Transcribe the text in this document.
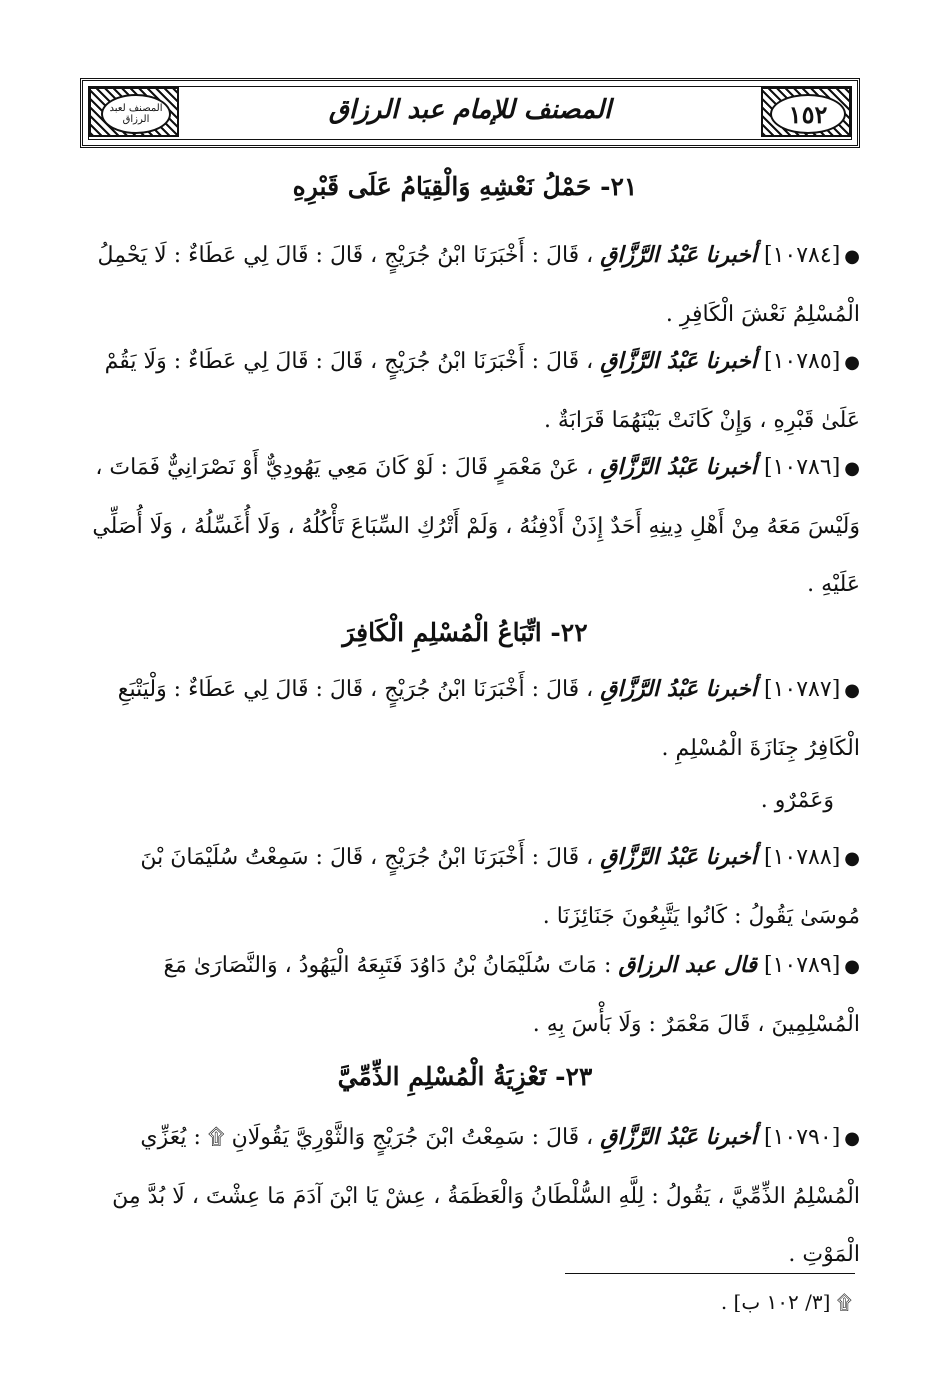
١٥٢
المصنف للإمام عبد الرزاق
المصنف لعبد الرزاق
٢١- حَمْلُ نَعْشِهِ وَالْقِيَامُ عَلَى قَبْرِهِ
●[١٠٧٨٤] أخبرنا عَبْدُ الرَّزَّاقِ ، قَالَ : أَخْبَرَنَا ابْنُ جُرَيْجٍ ، قَالَ : قَالَ لِي عَطَاءٌ : لَا يَحْمِلُ الْمُسْلِمُ نَعْشَ الْكَافِرِ .
●[١٠٧٨٥] أخبرنا عَبْدُ الرَّزَّاقِ ، قَالَ : أَخْبَرَنَا ابْنُ جُرَيْجٍ ، قَالَ : قَالَ لِي عَطَاءٌ : وَلَا يَقُمْ عَلَىٰ قَبْرِهِ ، وَإِنْ كَانَتْ بَيْنَهُمَا قَرَابَةٌ .
●[١٠٧٨٦] أخبرنا عَبْدُ الرَّزَّاقِ ، عَنْ مَعْمَرٍ قَالَ : لَوْ كَانَ مَعِي يَهُودِيٌّ أَوْ نَصْرَانِيٌّ فَمَاتَ ، وَلَيْسَ مَعَهُ مِنْ أَهْلِ دِينِهِ أَحَدٌ إِذَنْ أَدْفِنُهُ ، وَلَمْ أَتْرُكِ السِّبَاعَ تَأْكُلُهُ ، وَلَا أُغَسِّلُهُ ، وَلَا أُصَلِّي عَلَيْهِ .
٢٢- اتِّبَاعُ الْمُسْلِمِ الْكَافِرَ
●[١٠٧٨٧] أخبرنا عَبْدُ الرَّزَّاقِ ، قَالَ : أَخْبَرَنَا ابْنُ جُرَيْجٍ ، قَالَ : قَالَ لِي عَطَاءٌ : وَلْيَتْبَعِ الْكَافِرُ جِنَازَةَ الْمُسْلِمِ .
وَعَمْرٌو .
●[١٠٧٨٨] أخبرنا عَبْدُ الرَّزَّاقِ ، قَالَ : أَخْبَرَنَا ابْنُ جُرَيْجٍ ، قَالَ : سَمِعْتُ سُلَيْمَانَ بْنَ مُوسَىٰ يَقُولُ : كَانُوا يَتَّبِعُونَ جَنَائِزَنَا .
●[١٠٧٨٩] قال عبد الرزاق : مَاتَ سُلَيْمَانُ بْنُ دَاوُدَ فَتَبِعَهُ الْيَهُودُ ، وَالنَّصَارَىٰ مَعَ الْمُسْلِمِينَ ، قَالَ مَعْمَرٌ : وَلَا بَأْسَ بِهِ .
٢٣- تَعْزِيَةُ الْمُسْلِمِ الذِّمِّيَّ
●[١٠٧٩٠] أخبرنا عَبْدُ الرَّزَّاقِ ، قَالَ : سَمِعْتُ ابْنَ جُرَيْجٍ وَالثَّوْرِيَّ يَقُولَانِ ۩ : يُعَزِّي الْمُسْلِمُ الذِّمِّيَّ ، يَقُولُ : لِلَّهِ السُّلْطَانُ وَالْعَظَمَةُ ، عِشْ يَا ابْنَ آدَمَ مَا عِشْتَ ، لَا بُدَّ مِنَ الْمَوْتِ .
۩ [٣/ ١٠٢ ب] .
